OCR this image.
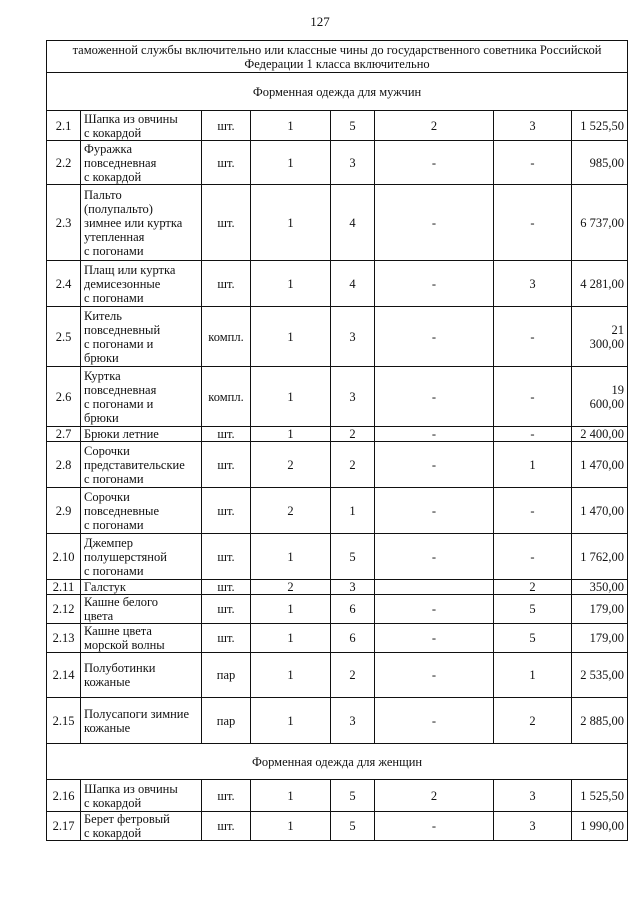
127
таможенной службы включительно или классные чины до государственного советника Российской Федерации 1 класса включительно							
Форменная одежда для мужчин							
2.1	Шапка из овчины
с кокардой	шт.	1	5	2	3	1 525,50
2.2	Фуражка
повседневная
с кокардой	шт.	1	3	-	-	985,00
2.3	Пальто
(полупальто)
зимнее или куртка
утепленная
с погонами	шт.	1	4	-	-	6 737,00
2.4	Плащ или куртка
демисезонные
с погонами	шт.	1	4	-	3	4 281,00
2.5	Китель
повседневный
с погонами и
брюки	компл.	1	3	-	-	21 300,00
2.6	Куртка
повседневная
с погонами и
брюки	компл.	1	3	-	-	19 600,00
2.7	Брюки летние	шт.	1	2	-	-	2 400,00
2.8	Сорочки
представительские
с погонами	шт.	2	2	-	1	1 470,00
2.9	Сорочки
повседневные
с погонами	шт.	2	1	-	-	1 470,00
2.10	Джемпер
полушерстяной
с погонами	шт.	1	5	-	-	1 762,00
2.11	Галстук	шт.	2	3		2	350,00
2.12	Кашне белого
цвета	шт.	1	6	-	5	179,00
2.13	Кашне цвета
морской волны	шт.	1	6	-	5	179,00
2.14	Полуботинки
кожаные	пар	1	2	-	1	2 535,00
2.15	Полусапоги зимние
кожаные	пар	1	3	-	2	2 885,00
Форменная одежда для женщин							
2.16	Шапка из овчины
с кокардой	шт.	1	5	2	3	1 525,50
2.17	Берет фетровый
с кокардой	шт.	1	5	-	3	1 990,00
